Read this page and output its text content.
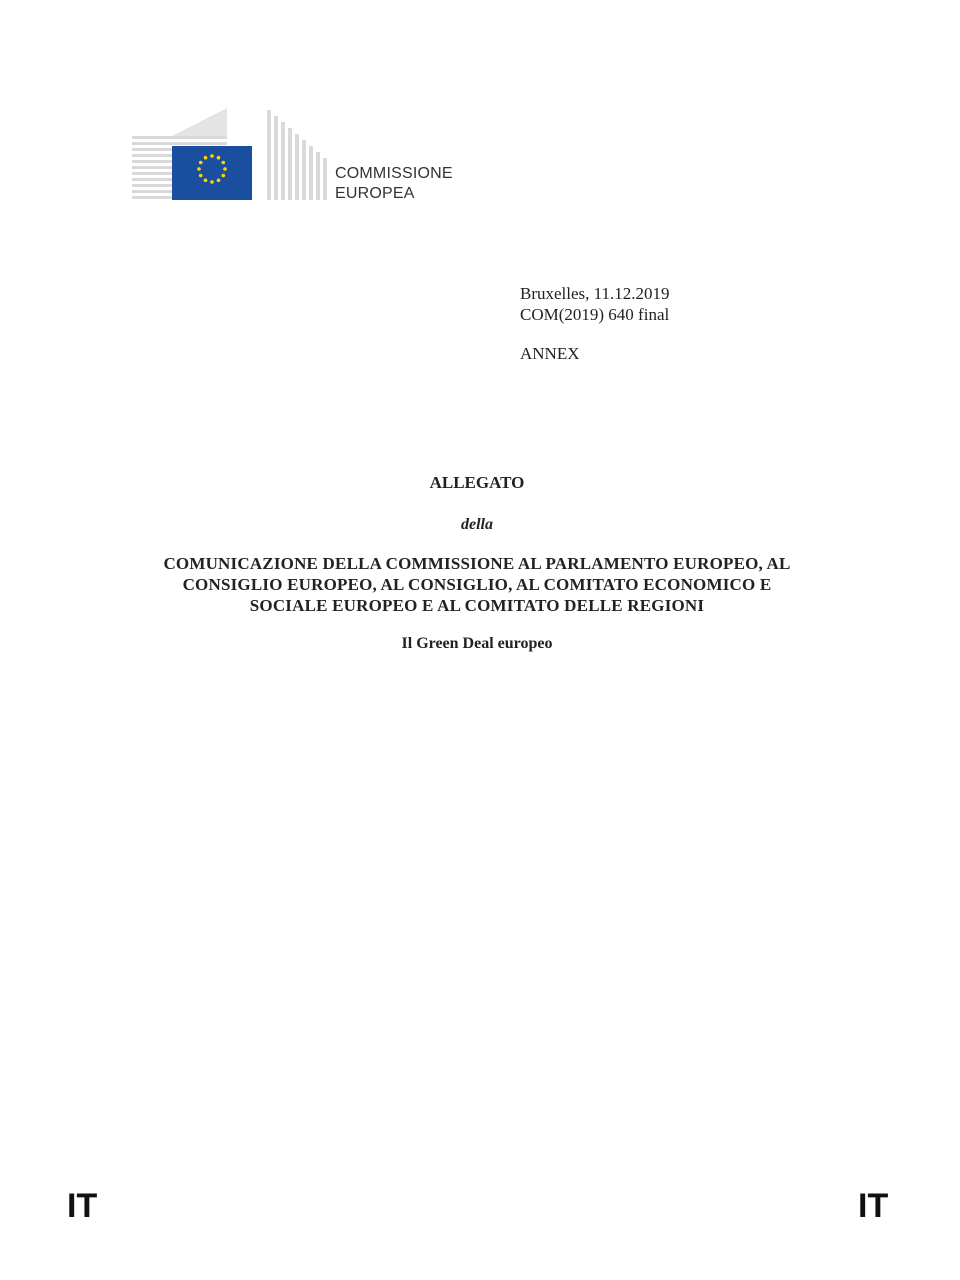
COMMISSIONE
EUROPEA
Bruxelles, 11.12.2019
COM(2019) 640 final
ANNEX
ALLEGATO
della
COMUNICAZIONE DELLA COMMISSIONE AL PARLAMENTO EUROPEO, AL
CONSIGLIO EUROPEO, AL CONSIGLIO, AL COMITATO ECONOMICO E
SOCIALE EUROPEO E AL COMITATO DELLE REGIONI
Il Green Deal europeo
IT	IT
